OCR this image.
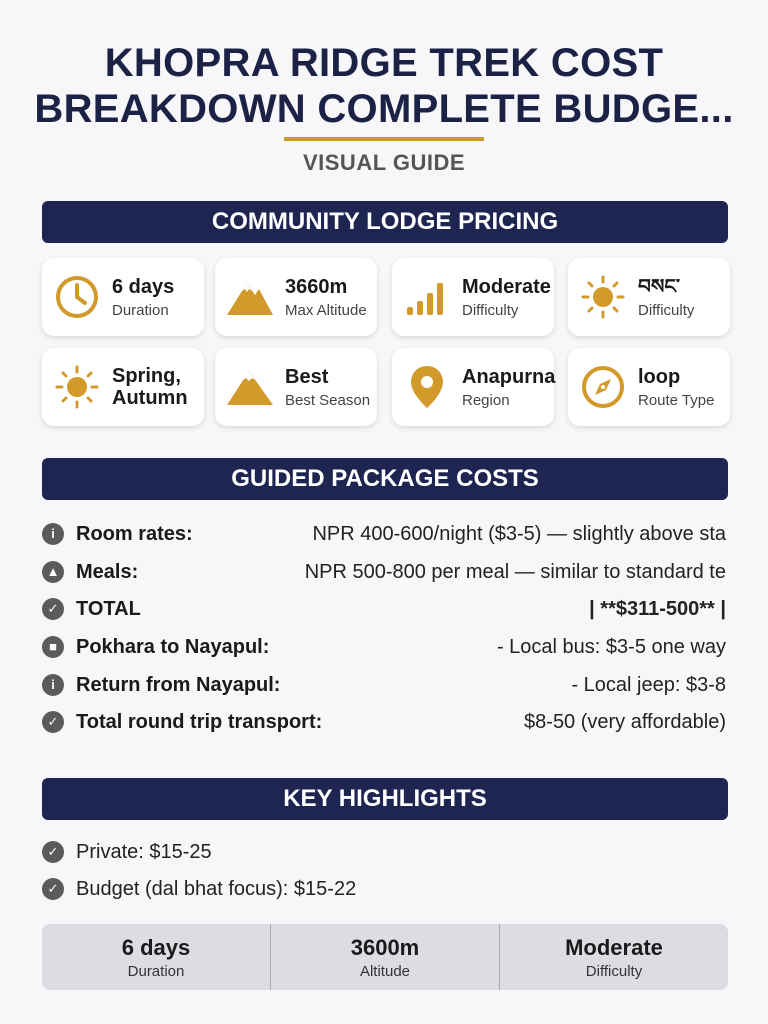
KHOPRA RIDGE TREK COST
BREAKDOWN COMPLETE BUDGE...
VISUAL GUIDE
COMMUNITY LODGE PRICING
6 days
Duration
3660m
Max Altitude
Moderate
Difficulty
བསང་
Difficulty
Spring,
Autumn
Best
Best Season
Anapurna
Region
loop
Route Type
GUIDED PACKAGE COSTS
i	Room rates:	NPR 400-600/night ($3-5) — slightly above sta
▲ Meals:	NPR 500-800 per meal — similar to standard te
✓ TOTAL	| **$311-500** |
■ Pokhara to Nayapul:	- Local bus: $3-5 one way
i	Return from Nayapul:	- Local jeep: $3-8
✓ Total round trip transport:	$8-50 (very affordable)
KEY HIGHLIGHTS
✓ Private: $15-25
✓ Budget (dal bhat focus): $15-22
6 days
Duration
3600m
Altitude
Moderate
Difficulty
